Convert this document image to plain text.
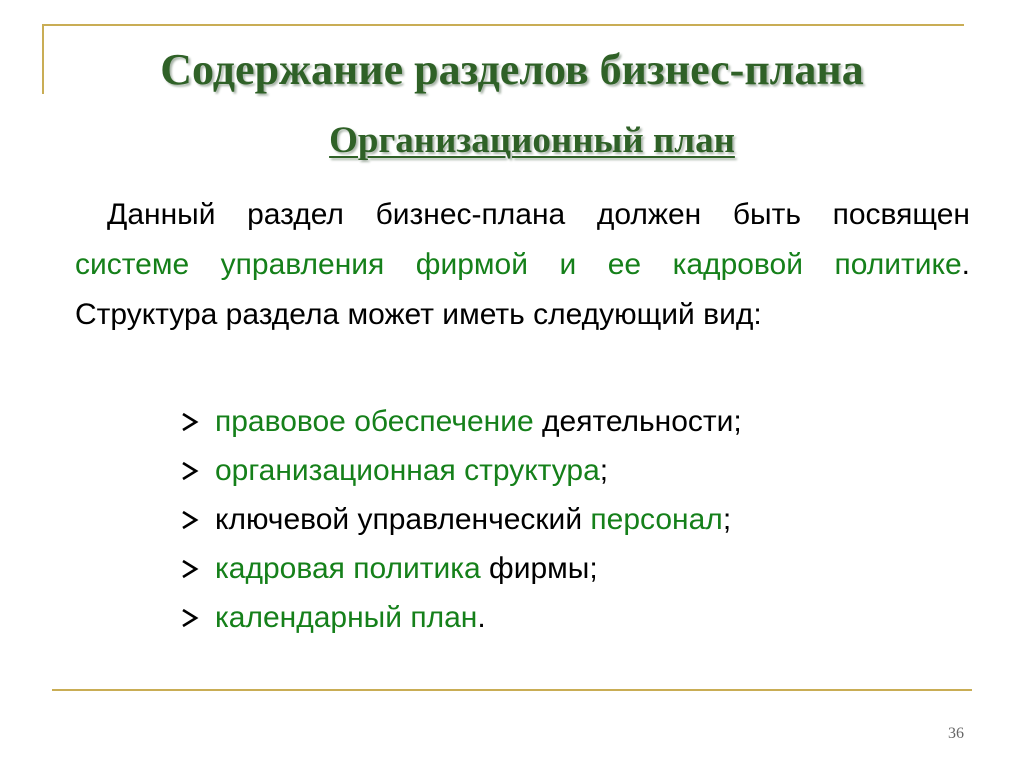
Содержание разделов бизнес-плана
Организационный план

Данный раздел бизнес-плана должен быть посвящен системе управления фирмой и ее кадровой политике. Структура раздела может иметь следующий вид:

правовое обеспечение деятельности;
организационная структура;
ключевой управленческий персонал;
кадровая политика фирмы;
календарный план.
36
